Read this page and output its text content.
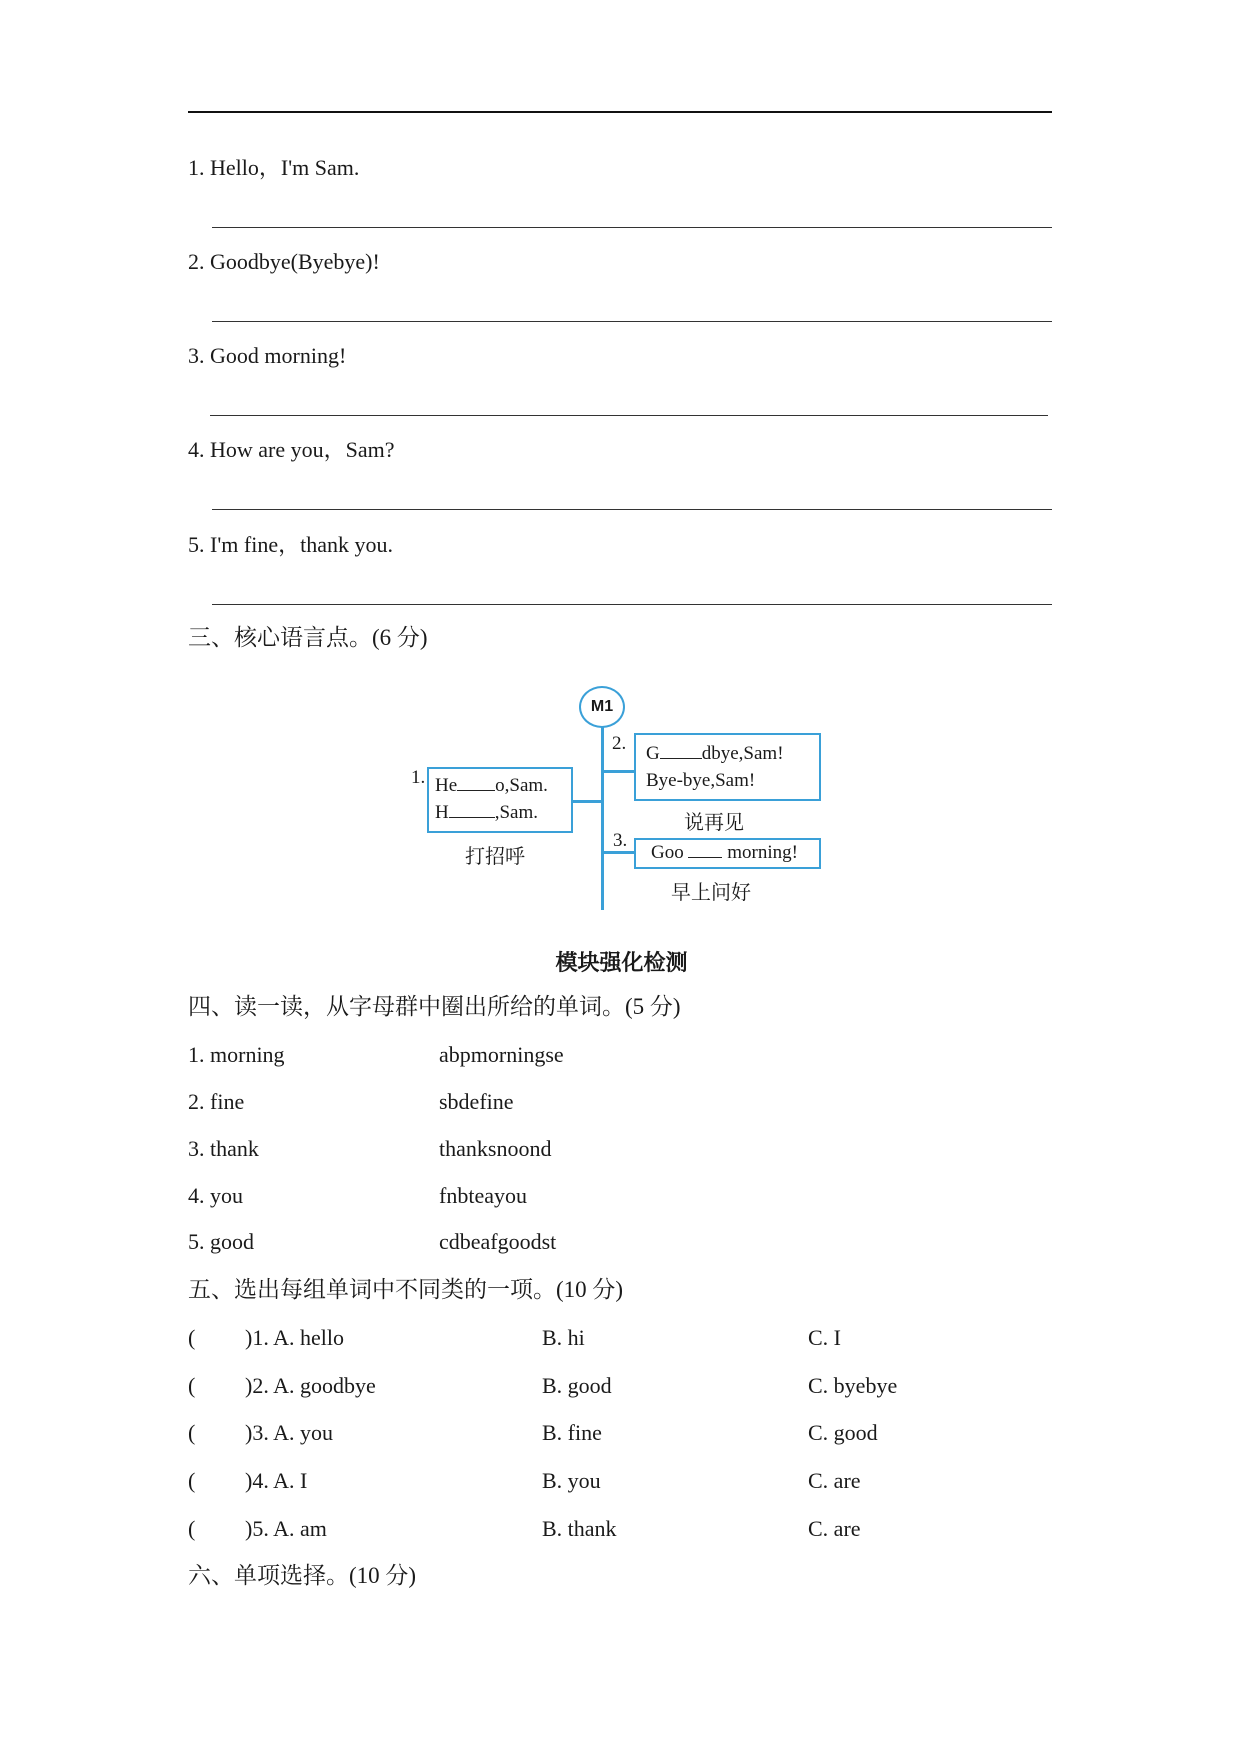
1. Hello，I'm Sam.
2. Goodbye(Byebye)!
3. Good morning!
4. How are you，Sam?
5. I'm fine，thank you.
三、核心语言点。(6 分)
M1
1. He o,Sam.
H ,Sam.
打招呼
2. G dbye,Sam!
Bye-bye,Sam!
说再见
3.
Goo morning!
早上问好
模块强化检测
四、读一读，从字母群中圈出所给的单词。(5 分)
1. morning	abpmorningse
2. fine	sbdefine
3. thank	thanksnoond
4. you	fnbteayou
5. good	cdbeafgoodst
五、选出每组单词中不同类的一项。(10 分)
( )1. A. hello	B. hi	C. I
( )2. A. goodbye	B. good	C. byebye
( )3. A. you	B. fine	C. good
( )4. A. I	B. you	C. are
( )5. A. am	B. thank	C. are
六、单项选择。(10 分)
